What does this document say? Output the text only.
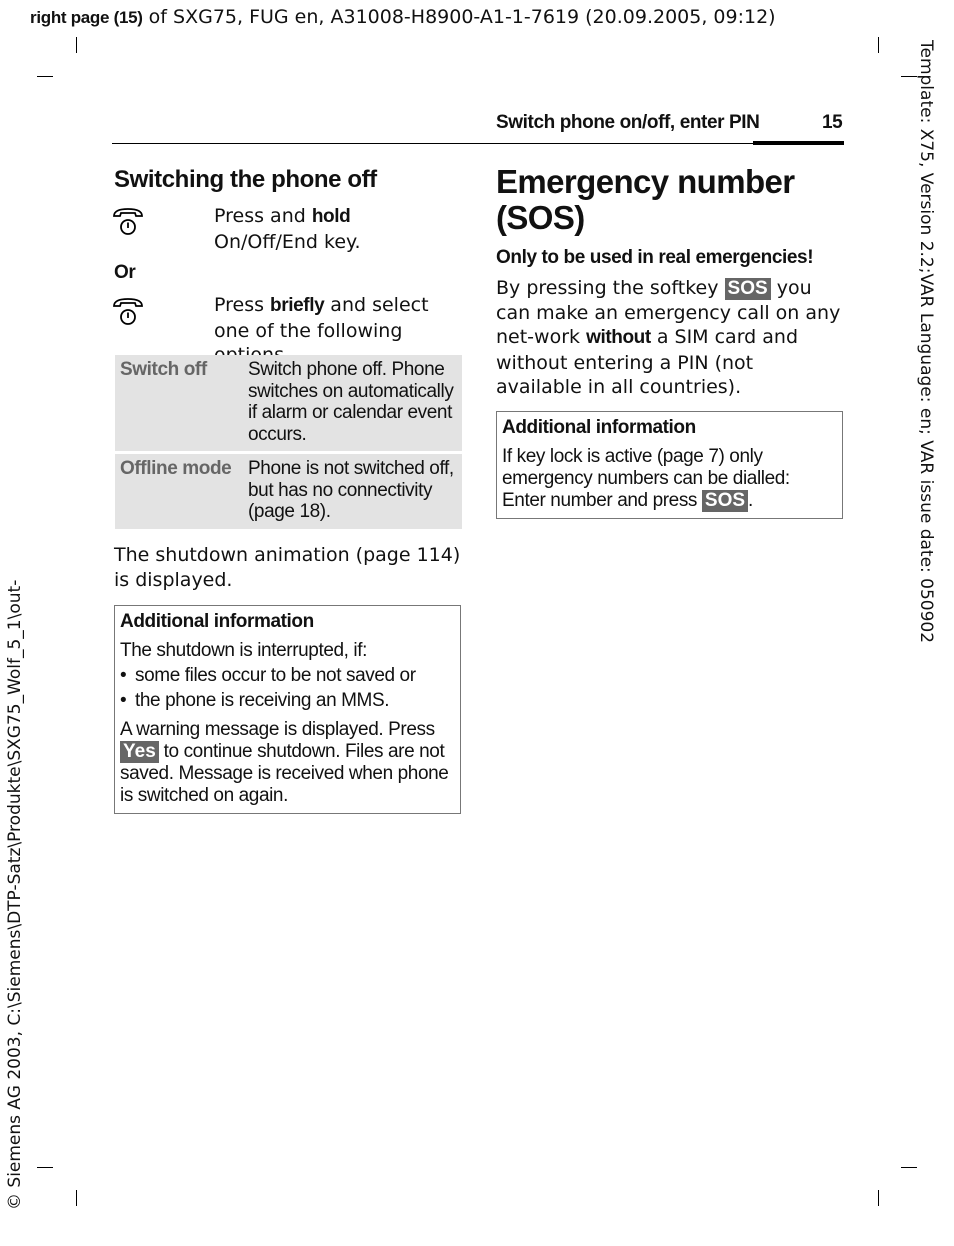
right page (15) of SXG75, FUG en, A31008-H8900-A1-1-7619 (20.09.2005, 09:12)
Template: X75, Version 2.2;VAR Language: en; VAR issue date: 050902
© Siemens AG 2003, C:\Siemens\DTP-Satz\Produkte\SXG75_Wolf_5_1\out-
Switch phone on/off, enter PIN	15
Switching the phone off
Press and hold
On/Off/End key.
Or
Press briefly and select one of the following
Switch off	Switch phone off. Phone switches on automatically if alarm or calendar event occurs.
Offline mode Phone is not switched off, but has no connectivity (page 18).
The shutdown animation (page 114) is displayed.
Additional information
The shutdown is interrupted, if:
• some files occur to be not saved or
• the phone is receiving an MMS.
A warning message is displayed. Press
Yes to continue shutdown. Files are not saved. Message is received when phone is switched on again.
Emergency number
(SOS)
Only to be used in real emergencies!
By pressing the softkey SOS you can make an emergency call on any net-work without a SIM card and without entering a PIN (not available in all countries).
Additional information
If key lock is active (page 7) only emergency numbers can be dialled: Enter number and press SOS .
